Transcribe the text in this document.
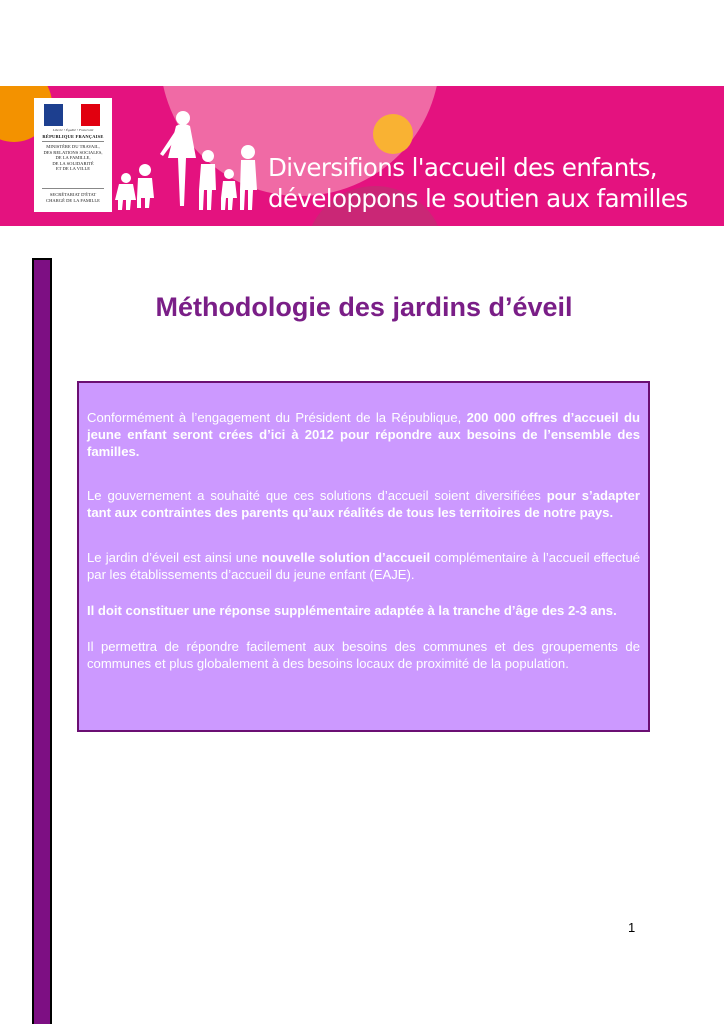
Liberté • Égalité • Fraternité
RÉPUBLIQUE FRANÇAISE
MINISTÈRE DU TRAVAIL,
DES RELATIONS SOCIALES,
DE LA FAMILLE,
DE LA SOLIDARITÉ
ET DE LA VILLE
SECRÉTARIAT D'ÉTAT
CHARGÉ DE LA FAMILLE
Diversifions l'accueil des enfants,
développons le soutien aux familles
Méthodologie des jardins d’éveil

Conformément à l’engagement du Président de la République, 200 000 offres d’accueil du jeune enfant seront crées d’ici à 2012 pour répondre aux besoins de l’ensemble des familles.

Le gouvernement a souhaité que ces solutions d’accueil soient diversifiées pour s’adapter tant aux contraintes des parents qu’aux réalités de tous les territoires de notre pays.

Le jardin d’éveil est ainsi une nouvelle solution d’accueil complémentaire à l’accueil effectué par les établissements d’accueil du jeune enfant (EAJE).

Il doit constituer une réponse supplémentaire adaptée à la tranche d’âge des 2-3 ans.

Il permettra de répondre facilement aux besoins des communes et des groupements de communes et plus globalement à des besoins locaux de proximité de la population.

1
